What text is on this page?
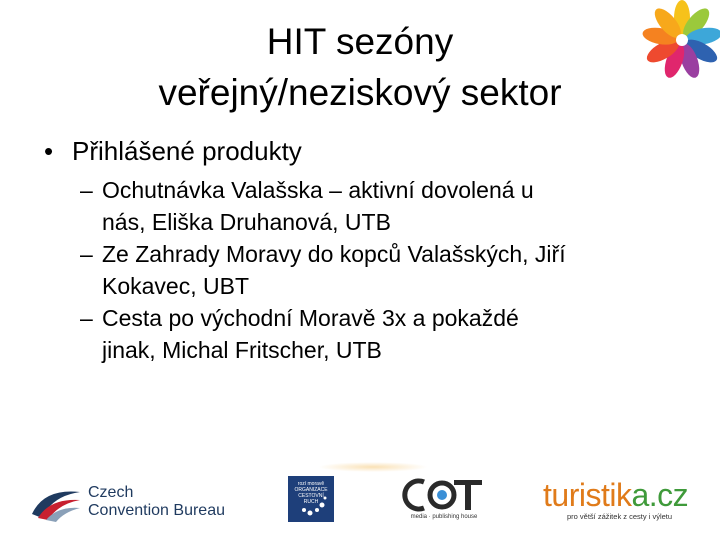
HIT sezóny
veřejný/neziskový sektor
• Přihlášené produkty
– Ochutnávka Valašska – aktivní dovolená u
nás, Eliška Druhanová, UTB
– Ze Zahrady Moravy do kopců Valašských, Jiří
Kokavec, UBT
– Cesta po východní Moravě 3x a pokaždé
jinak, Michal Fritscher, UTB
Czech
Convention Bureau
rozí moravě ORGANIZACE CESTOVNÍ RUCH
media · publishing house
turistika.cz
pro větší zážitek z cesty i výletu
